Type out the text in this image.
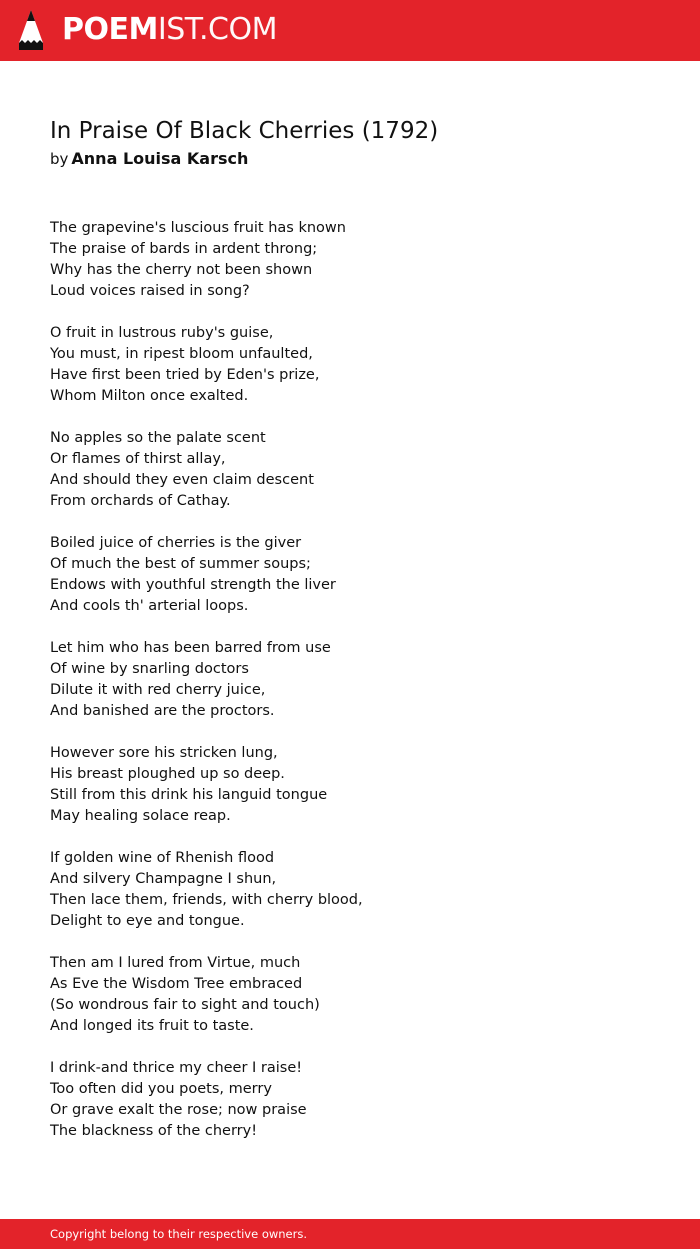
POEM IST.COM
In Praise Of Black Cherries (1792)
by Anna Louisa Karsch
The grapevine's luscious fruit has known
The praise of bards in ardent throng;
Why has the cherry not been shown
Loud voices raised in song?
O fruit in lustrous ruby's guise,
You must, in ripest bloom unfaulted,
Have first been tried by Eden's prize,
Whom Milton once exalted.
No apples so the palate scent
Or flames of thirst allay,
And should they even claim descent
From orchards of Cathay.
Boiled juice of cherries is the giver
Of much the best of summer soups;
Endows with youthful strength the liver
And cools th' arterial loops.
Let him who has been barred from use
Of wine by snarling doctors
Dilute it with red cherry juice,
And banished are the proctors.
However sore his stricken lung,
His breast ploughed up so deep.
Still from this drink his languid tongue
May healing solace reap.
If golden wine of Rhenish flood
And silvery Champagne I shun,
Then lace them, friends, with cherry blood,
Delight to eye and tongue.
Then am I lured from Virtue, much
As Eve the Wisdom Tree embraced
(So wondrous fair to sight and touch)
And longed its fruit to taste.
I drink-and thrice my cheer I raise!
Too often did you poets, merry
Or grave exalt the rose; now praise
The blackness of the cherry!
Copyright belong to their respective owners.
